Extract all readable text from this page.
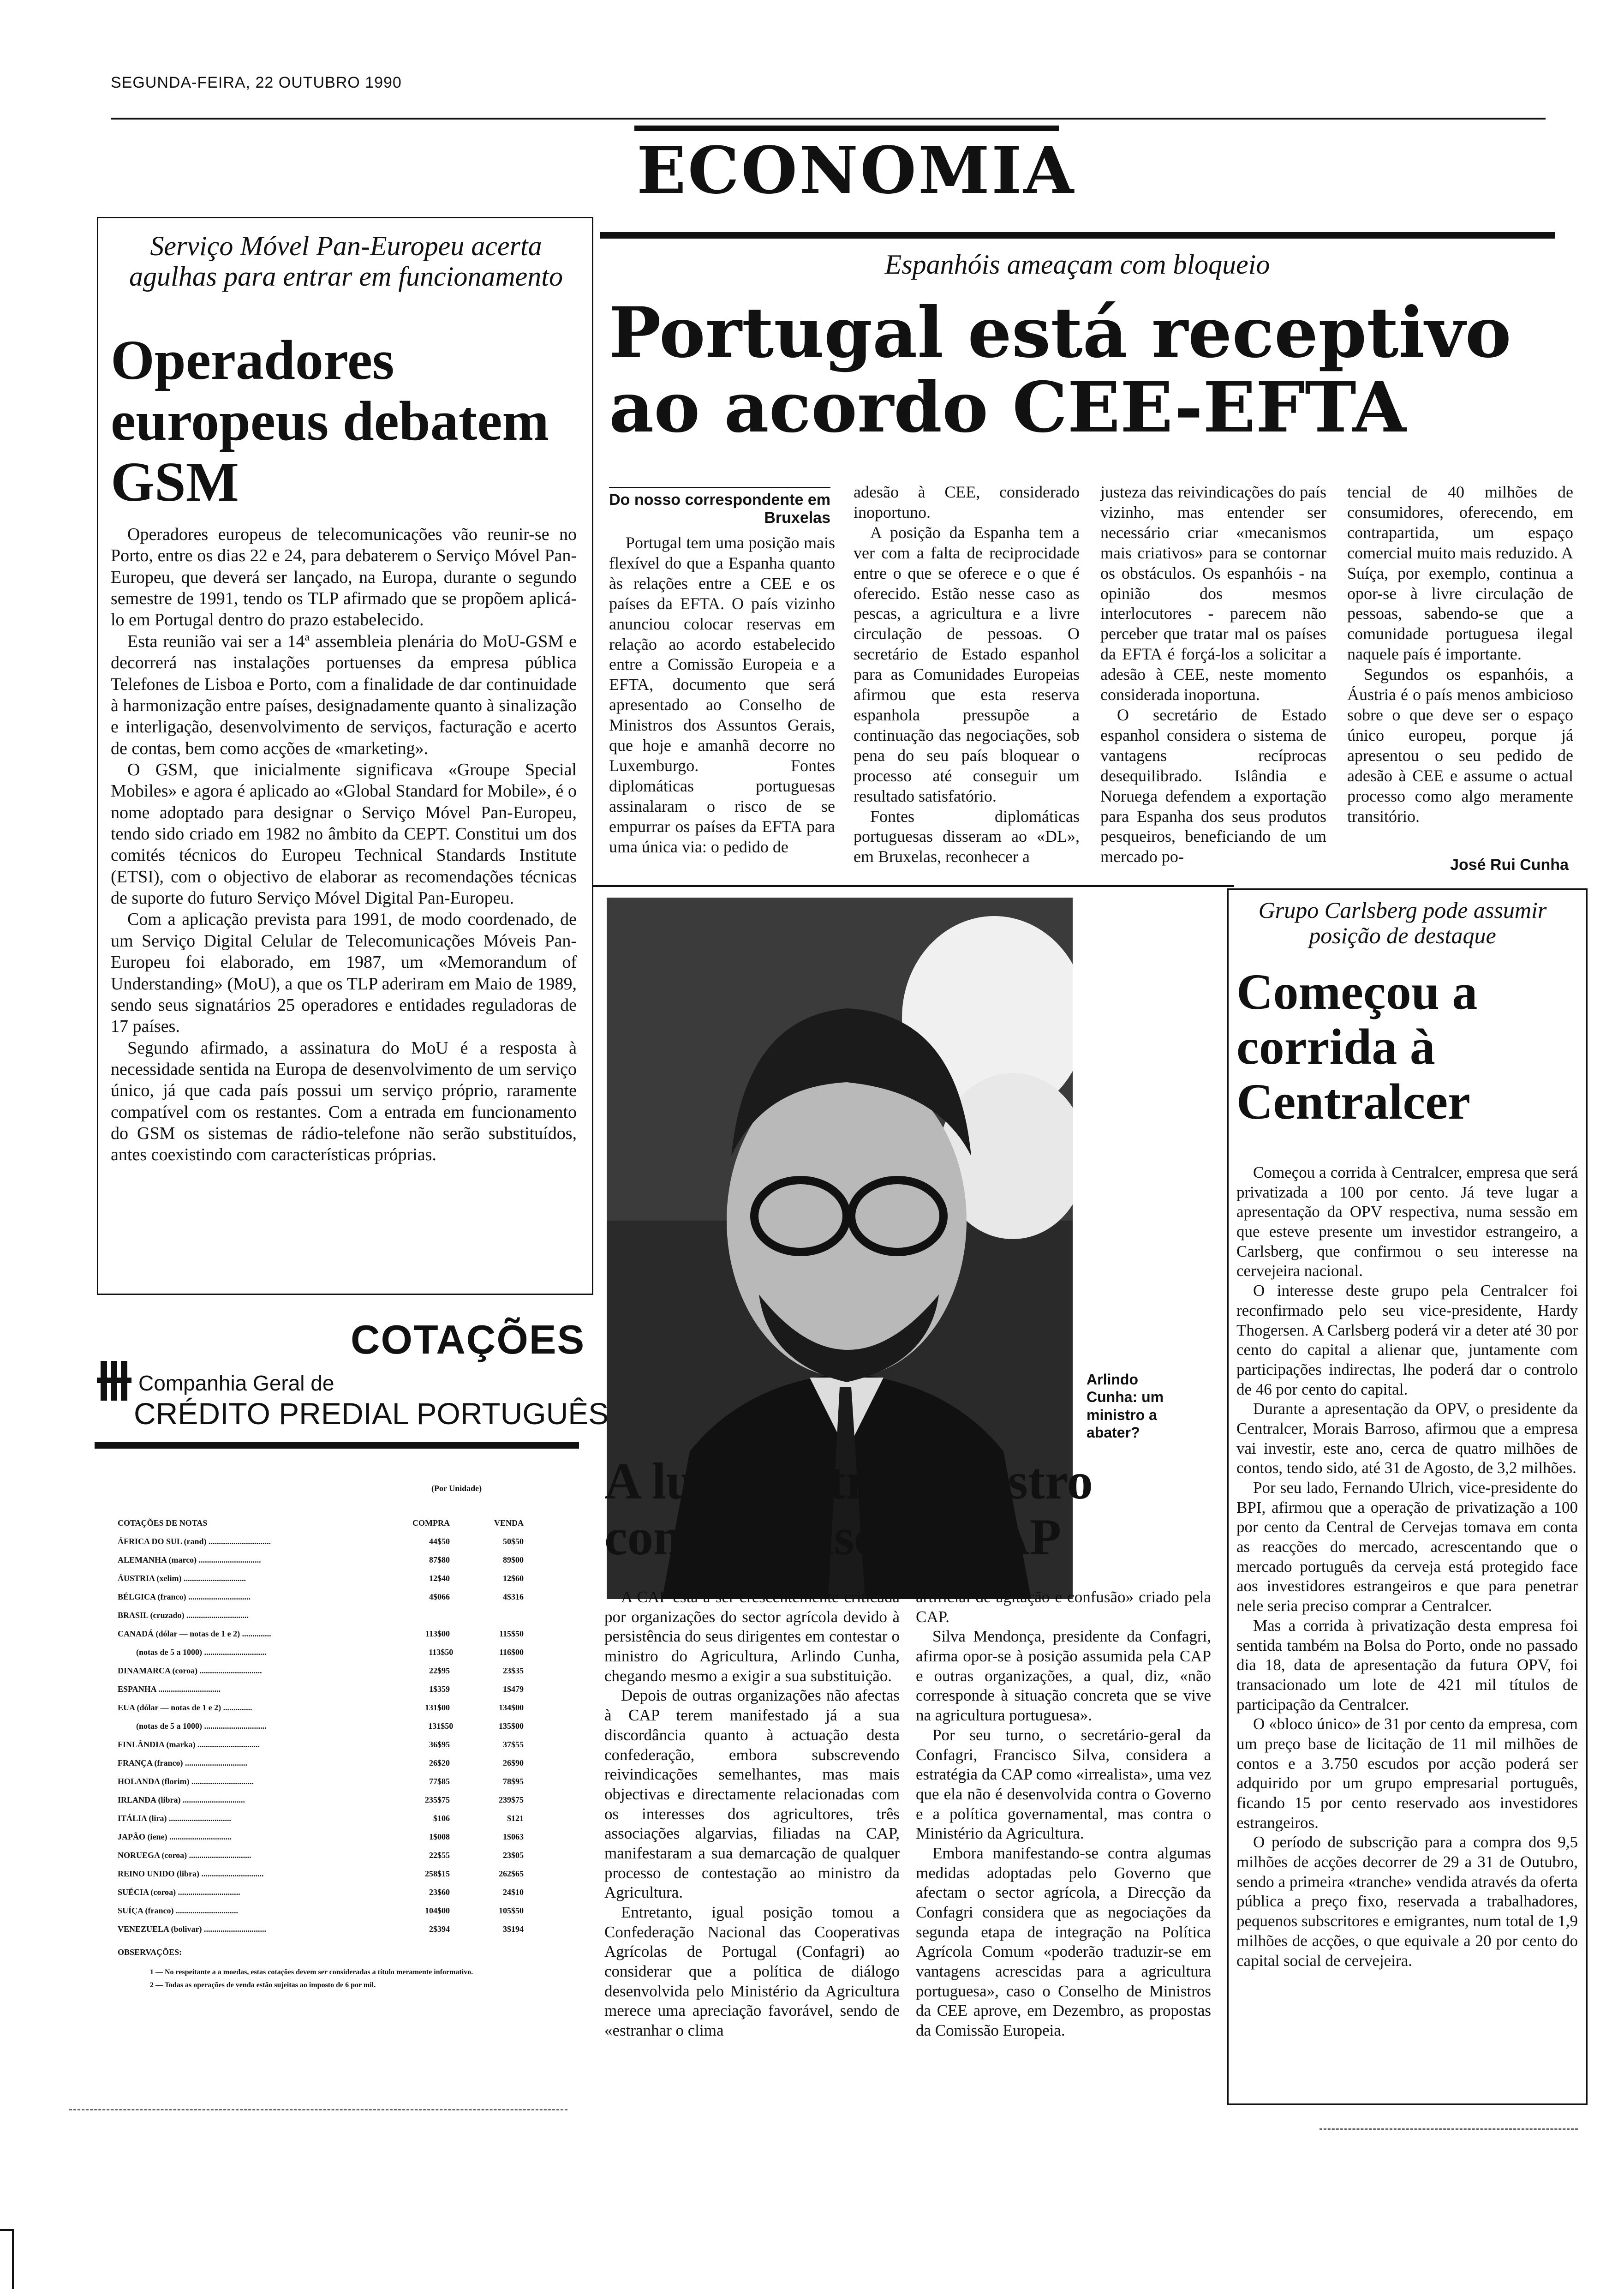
SEGUNDA-FEIRA, 22 OUTUBRO 1990
ECONOMIA
Serviço Móvel Pan-Europeu acerta agulhas para entrar em funcionamento
Operadores europeus debatem GSM

Operadores europeus de telecomunicações vão reunir-se no Porto, entre os dias 22 e 24, para debaterem o Serviço Móvel Pan-Europeu, que deverá ser lançado, na Europa, durante o segundo semestre de 1991, tendo os TLP afirmado que se propõem aplicá-lo em Portugal dentro do prazo estabelecido.

Esta reunião vai ser a 14ª assembleia plenária do MoU-GSM e decorrerá nas instalações portuenses da empresa pública Telefones de Lisboa e Porto, com a finalidade de dar continuidade à harmonização entre países, designadamente quanto à sinalização e interligação, desenvolvimento de serviços, facturação e acerto de contas, bem como acções de «marketing».

O GSM, que inicialmente significava «Groupe Special Mobiles» e agora é aplicado ao «Global Standard for Mobile», é o nome adoptado para designar o Serviço Móvel Pan-Europeu, tendo sido criado em 1982 no âmbito da CEPT. Constitui um dos comités técnicos do Europeu Technical Standards Institute (ETSI), com o objectivo de elaborar as recomendações técnicas de suporte do futuro Serviço Móvel Digital Pan-Europeu.

Com a aplicação prevista para 1991, de modo coordenado, de um Serviço Digital Celular de Telecomunicações Móveis Pan-Europeu foi elaborado, em 1987, um «Memorandum of Understanding» (MoU), a que os TLP aderiram em Maio de 1989, sendo seus signatários 25 operadores e entidades reguladoras de 17 países.

Segundo afirmado, a assinatura do MoU é a resposta à necessidade sentida na Europa de desenvolvimento de um serviço único, já que cada país possui um serviço próprio, raramente compatível com os restantes. Com a entrada em funcionamento do GSM os sistemas de rádio-telefone não serão substituídos, antes coexistindo com características próprias.

Espanhóis ameaçam com bloqueio
Portugal está receptivo ao acordo CEE-EFTA
Do nosso correspondente em Bruxelas

Portugal tem uma posição mais flexível do que a Espanha quanto às relações entre a CEE e os países da EFTA. O país vizinho anunciou colocar reservas em relação ao acordo estabelecido entre a Comissão Europeia e a EFTA, documento que será apresentado ao Conselho de Ministros dos Assuntos Gerais, que hoje e amanhã decorre no Luxemburgo. Fontes diplomáticas portuguesas assinalaram o risco de se empurrar os países da EFTA para uma única via: o pedido de

adesão à CEE, considerado inoportuno.

A posição da Espanha tem a ver com a falta de reciprocidade entre o que se oferece e o que é oferecido. Estão nesse caso as pescas, a agricultura e a livre circulação de pessoas. O secretário de Estado espanhol para as Comunidades Europeias afirmou que esta reserva espanhola pressupõe a continuação das negociações, sob pena do seu país bloquear o processo até conseguir um resultado satisfatório.

Fontes diplomáticas portuguesas disseram ao «DL», em Bruxelas, reconhecer a

justeza das reivindicações do país vizinho, mas entender ser necessário criar «mecanismos mais criativos» para se contornar os obstáculos. Os espanhóis - na opinião dos mesmos interlocutores - parecem não perceber que tratar mal os países da EFTA é forçá-los a solicitar a adesão à CEE, neste momento considerada inoportuna.

O secretário de Estado espanhol considera o sistema de vantagens recíprocas desequilibrado. Islândia e Noruega defendem a exportação para Espanha dos seus produtos pesqueiros, beneficiando de um mercado po-

tencial de 40 milhões de consumidores, oferecendo, em contrapartida, um espaço comercial muito mais reduzido. A Suíça, por exemplo, continua a opor-se à livre circulação de pessoas, sabendo-se que a comunidade portuguesa ilegal naquele país é importante.

Segundos os espanhóis, a Áustria é o país menos ambicioso sobre o que deve ser o espaço único europeu, porque já apresentou o seu pedido de adesão à CEE e assume o actual processo como algo meramente transitório.

José Rui Cunha
Arlindo Cunha: um ministro a abater?
A luta contra ministro começa a isolar CAP

A CAP está a ser crescentemente criticada por organizações do sector agrícola devido à persistência do seus dirigentes em contestar o ministro do Agricultura, Arlindo Cunha, chegando mesmo a exigir a sua substituição.

Depois de outras organizações não afectas à CAP terem manifestado já a sua discordância quanto à actuação desta confederação, embora subscrevendo reivindicações semelhantes, mas mais objectivas e directamente relacionadas com os interesses dos agricultores, três associações algarvias, filiadas na CAP, manifestaram a sua demarcação de qualquer processo de contestação ao ministro da Agricultura.

Entretanto, igual posição tomou a Confederação Nacional das Cooperativas Agrícolas de Portugal (Confagri) ao considerar que a política de diálogo desenvolvida pelo Ministério da Agricultura merece uma apreciação favorável, sendo de «estranhar o clima

artificial de agitação e confusão» criado pela CAP.

Silva Mendonça, presidente da Confagri, afirma opor-se à posição assumida pela CAP e outras organizações, a qual, diz, «não corresponde à situação concreta que se vive na agricultura portuguesa».

Por seu turno, o secretário-geral da Confagri, Francisco Silva, considera a estratégia da CAP como «irrealista», uma vez que ela não é desenvolvida contra o Governo e a política governamental, mas contra o Ministério da Agricultura.

Embora manifestando-se contra algumas medidas adoptadas pelo Governo que afectam o sector agrícola, a Direcção da Confagri considera que as negociações da segunda etapa de integração na Política Agrícola Comum «poderão traduzir-se em vantagens acrescidas para a agricultura portuguesa», caso o Conselho de Ministros da CEE aprove, em Dezembro, as propostas da Comissão Europeia.

Grupo Carlsberg pode assumir posição de destaque
Começou a corrida à Centralcer

Começou a corrida à Centralcer, empresa que será privatizada a 100 por cento. Já teve lugar a apresentação da OPV respectiva, numa sessão em que esteve presente um investidor estrangeiro, a Carlsberg, que confirmou o seu interesse na cervejeira nacional.

O interesse deste grupo pela Centralcer foi reconfirmado pelo seu vice-presidente, Hardy Thogersen. A Carlsberg poderá vir a deter até 30 por cento do capital a alienar que, juntamente com participações indirectas, lhe poderá dar o controlo de 46 por cento do capital.

Durante a apresentação da OPV, o presidente da Centralcer, Morais Barroso, afirmou que a empresa vai investir, este ano, cerca de quatro milhões de contos, tendo sido, até 31 de Agosto, de 3,2 milhões.

Por seu lado, Fernando Ulrich, vice-presidente do BPI, afirmou que a operação de privatização a 100 por cento da Central de Cervejas tomava em conta as reacções do mercado, acrescentando que o mercado português da cerveja está protegido face aos investidores estrangeiros e que para penetrar nele seria preciso comprar a Centralcer.

Mas a corrida à privatização desta empresa foi sentida também na Bolsa do Porto, onde no passado dia 18, data de apresentação da futura OPV, foi transacionado um lote de 421 mil títulos de participação da Centralcer.

O «bloco único» de 31 por cento da empresa, com um preço base de licitação de 11 mil milhões de contos e a 3.750 escudos por acção poderá ser adquirido por um grupo empresarial português, ficando 15 por cento reservado aos investidores estrangeiros.

O período de subscrição para a compra dos 9,5 milhões de acções decorrer de 29 a 31 de Outubro, sendo a primeira «tranche» vendida através da oferta pública a preço fixo, reservada a trabalhadores, pequenos subscritores e emigrantes, num total de 1,9 milhões de acções, o que equivale a 20 por cento do capital social de cervejeira.

COTAÇÕES
Companhia Geral de
CRÉDITO PREDIAL PORTUGUÊS
(Por Unidade)
COTAÇÕES DE NOTAS	COMPRA	VENDA
ÁFRICA DO SUL (rand) ..............................	44$50	50$50
ALEMANHA (marco) ..............................	87$80	89$00
ÁUSTRIA (xelim) ..............................	12$40	12$60
BÉLGICA (franco) ..............................	4$066	4$316
BRASIL (cruzado) ..............................
CANADÁ (dólar — notas de 1 e 2) ..............	113$00	115$50
(notas de 5 a 1000) ..............................	113$50	116$00
DINAMARCA (coroa) ..............................	22$95	23$35
ESPANHA ..............................	1$359	1$479
EUA (dólar — notas de 1 e 2) ..............	131$00	134$00
(notas de 5 a 1000) ..............................	131$50	135$00
FINLÂNDIA (marka) ..............................	36$95	37$55
FRANÇA (franco) ..............................	26$20	26$90
HOLANDA (florim) ..............................	77$85	78$95
IRLANDA (libra) ..............................	235$75	239$75
ITÁLIA (lira) ..............................	$106	$121
JAPÃO (iene) ..............................	1$008	1$063
NORUEGA (coroa) ..............................	22$55	23$05
REINO UNIDO (libra) ..............................	258$15	262$65
SUÉCIA (coroa) ..............................	23$60	24$10
SUÍÇA (franco) ..............................	104$00	105$50
VENEZUELA (bolivar) ..............................	2$394	3$194
OBSERVAÇÕES:
1 — No respeitante a a moedas, estas cotações devem ser consideradas a título meramente informativo.
2 — Todas as operações de venda estão sujeitas ao imposto de 6 por mil.
